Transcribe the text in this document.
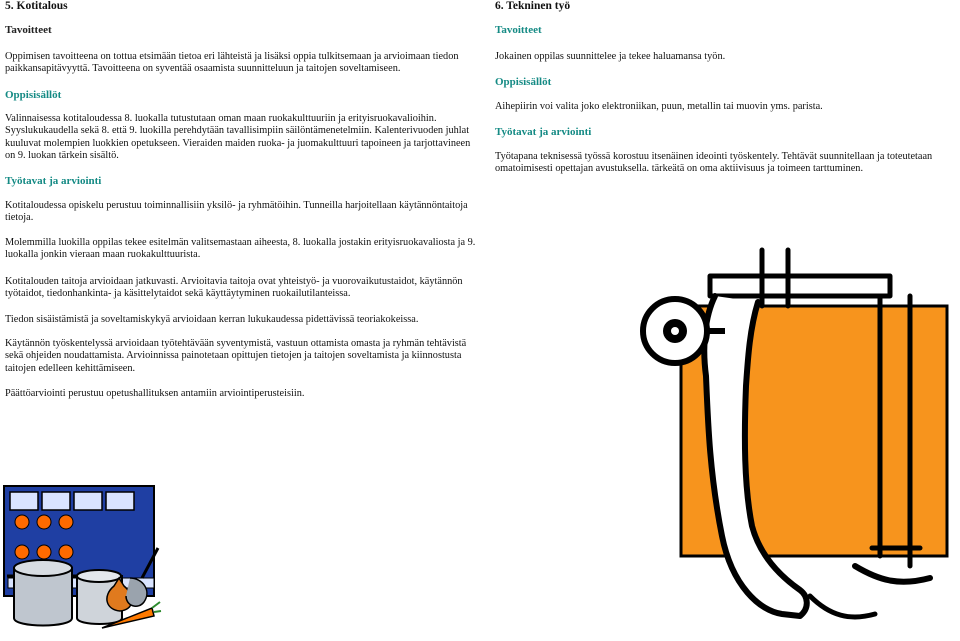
5. Kotitalous
Tavoitteet

Oppimisen tavoitteena on tottua etsimään tietoa eri lähteistä ja lisäksi oppia tulkitsemaan ja arvioimaan tiedon paikkansapitävyyttä. Tavoitteena on syventää osaamista suunnitteluun ja taitojen soveltamiseen.

Oppisisällöt

Valinnaisessa kotitaloudessa 8. luokalla tutustutaan oman maan ruokakulttuuriin ja erityisruokavalioihin. Syyslukukaudella sekä 8. että 9. luokilla perehdytään tavallisimpiin säilöntämenetelmiin. Kalenterivuoden juhlat kuuluvat molempien luokkien opetukseen. Vieraiden maiden ruoka- ja juomakulttuuri tapoineen ja tarjottavineen on 9. luokan tärkein sisältö.

Työtavat ja arviointi

Kotitaloudessa opiskelu perustuu toiminnallisiin yksilö- ja ryhmätöihin. Tunneilla harjoitellaan käytännöntaitoja tietoja.

Molemmilla luokilla oppilas tekee esitelmän valitsemastaan aiheesta, 8. luokalla jostakin erityisruokavaliosta ja 9. luokalla jonkin vieraan maan ruokakulttuurista.

Kotitalouden taitoja arvioidaan jatkuvasti. Arvioitavia taitoja ovat yhteistyö- ja vuorovaikutustaidot, käytännön työtaidot, tiedonhankinta- ja käsittelytaidot sekä käyttäytyminen ruokailutilanteissa.

Tiedon sisäistämistä ja soveltamiskykyä arvioidaan kerran lukukaudessa pidettävissä teoriakokeissa.

Käytännön työskentelyssä arvioidaan työtehtävään syventymistä, vastuun ottamista omasta ja ryhmän tehtävistä sekä ohjeiden noudattamista. Arvioinnissa painotetaan opittujen tietojen ja taitojen soveltamista ja kiinnostusta taitojen edelleen kehittämiseen.

Päättöarviointi perustuu opetushallituksen antamiin arviointiperusteisiin.

6. Tekninen työ
Tavoitteet

Jokainen oppilas suunnittelee ja tekee haluamansa työn.

Oppisisällöt

Aihepiirin voi valita joko elektroniikan, puun, metallin tai muovin yms. parista.

Työtavat ja arviointi

Työtapana teknisessä työssä korostuu itsenäinen ideointi työskentely. Tehtävät suunnitellaan ja toteutetaan omatoimisesti opettajan avustuksella. tärkeätä on oma aktiivisuus ja toimeen tarttuminen.
